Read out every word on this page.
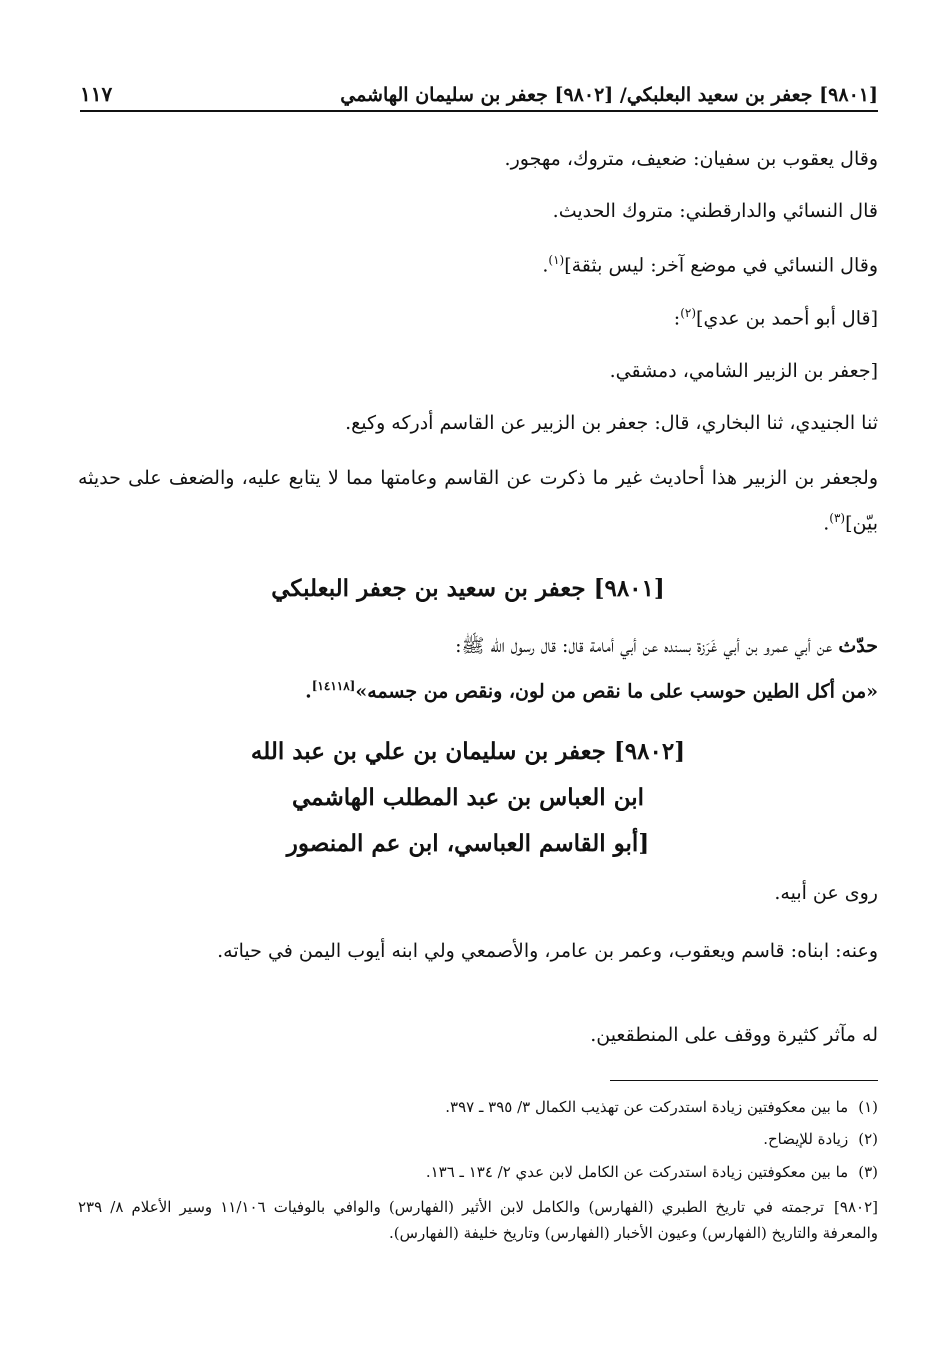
[٩٨٠١] جعفر بن سعيد البعلبكي/ [٩٨٠٢] جعفر بن سليمان الهاشمي
١١٧
وقال يعقوب بن سفيان: ضعيف، متروك، مهجور.
قال النسائي والدارقطني: متروك الحديث.
وقال النسائي في موضع آخر: ليس بثقة]$^{(١)}$.
[قال أبو أحمد بن عدي]$^{(٢)}$:
[جعفر بن الزبير الشامي، دمشقي.
ثنا الجنيدي، ثنا البخاري، قال: جعفر بن الزبير عن القاسم أدركه وكيع.
ولجعفر بن الزبير هذا أحاديث غير ما ذكرت عن القاسم وعامتها مما لا يتابع عليه، والضعف على حديثه بيّن]$^{(٣)}$.
[٩٨٠١] جعفر بن سعيد بن جعفر البعلبكي
حدّث عن أبي عمرو بن أبي غَرَزة بسنده عن أبي أمامة قال: قال رسول الله ﷺ:
«من أكل الطين حوسب على ما نقص من لون، ونقص من جسمه»[١٤١١٨].
[٩٨٠٢] جعفر بن سليمان بن علي بن عبد الله
ابن العباس بن عبد المطلب الهاشمي
[أبو القاسم العباسي، ابن عم المنصور
روى عن أبيه.
وعنه: ابناه: قاسم ويعقوب، وعمر بن عامر، والأصمعي ولي ابنه أيوب اليمن في حياته.
له مآثر كثيرة ووقف على المنطقعين.
(١)ما بين معكوفتين زيادة استدركت عن تهذيب الكمال ٣/ ٣٩٥ ـ ٣٩٧.
(٢)زيادة للإيضاح.
(٣)ما بين معكوفتين زيادة استدركت عن الكامل لابن عدي ٢/ ١٣٤ ـ ١٣٦.
[٩٨٠٢]ترجمته في تاريخ الطبري (الفهارس) والكامل لابن الأثير (الفهارس) والوافي بالوفيات ١١/١٠٦ وسير الأعلام ٨/ ٢٣٩ والمعرفة والتاريخ (الفهارس) وعيون الأخبار (الفهارس) وتاريخ خليفة (الفهارس).
